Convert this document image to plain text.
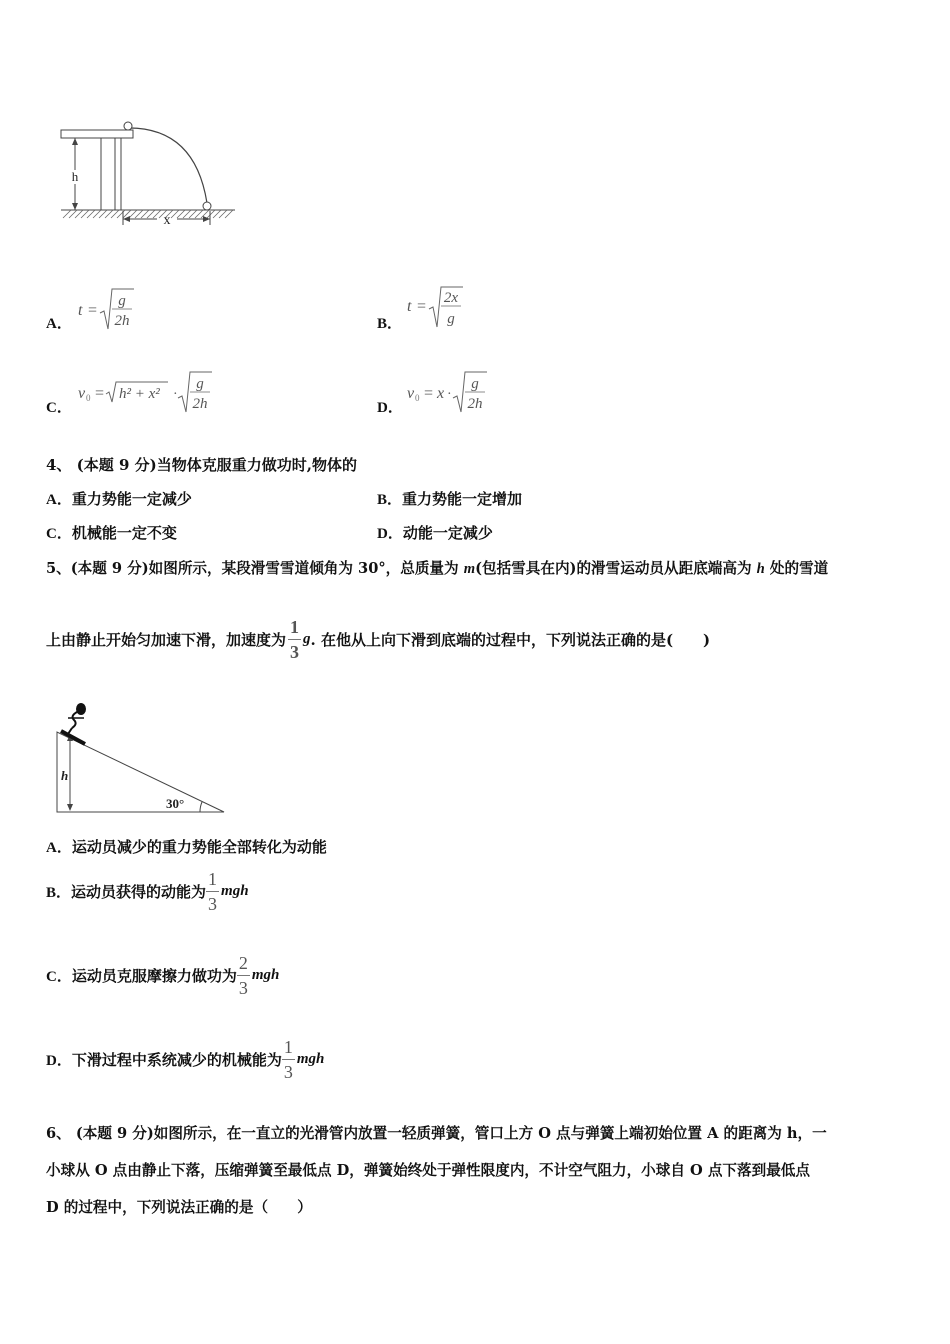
h
x
A．
t =
g
2h	B．
t = 2x
g
C．
v 0 = h² + x² ·
g
2h	D．
v 0 = x ·
g
2h
4、 (本题 9 分)当物体克服重力做功时,物体的
A．重力势能一定减少	B．重力势能一定增加
C．机械能一定不变	D．动能一定减少
5、(本题 9 分)如图所示，某段滑雪雪道倾角为 30°，总质量为 m(包括雪具在内)的滑雪运动员从距底端高为 h 处的雪道
上由静止开始匀加速下滑，加速度为 $\frac{1}{3} g$. 在他从上向下滑到底端的过程中，下列说法正确的是(　　)
h
30°
A．运动员减少的重力势能全部转化为动能
B．运动员获得的动能为 $\frac{1}{3}$ mgh
C．运动员克服摩擦力做功为 $\frac{2}{3}$ mgh
D．下滑过程中系统减少的机械能为 $\frac{1}{3}$ mgh
6、 (本题 9 分)如图所示，在一直立的光滑管内放置一轻质弹簧，管口上方 O 点与弹簧上端初始位置 A 的距离为 h，一
小球从 O 点由静止下落，压缩弹簧至最低点 D，弹簧始终处于弹性限度内，不计空气阻力，小球自 O 点下落到最低点
D 的过程中，下列说法正确的是（　　）
